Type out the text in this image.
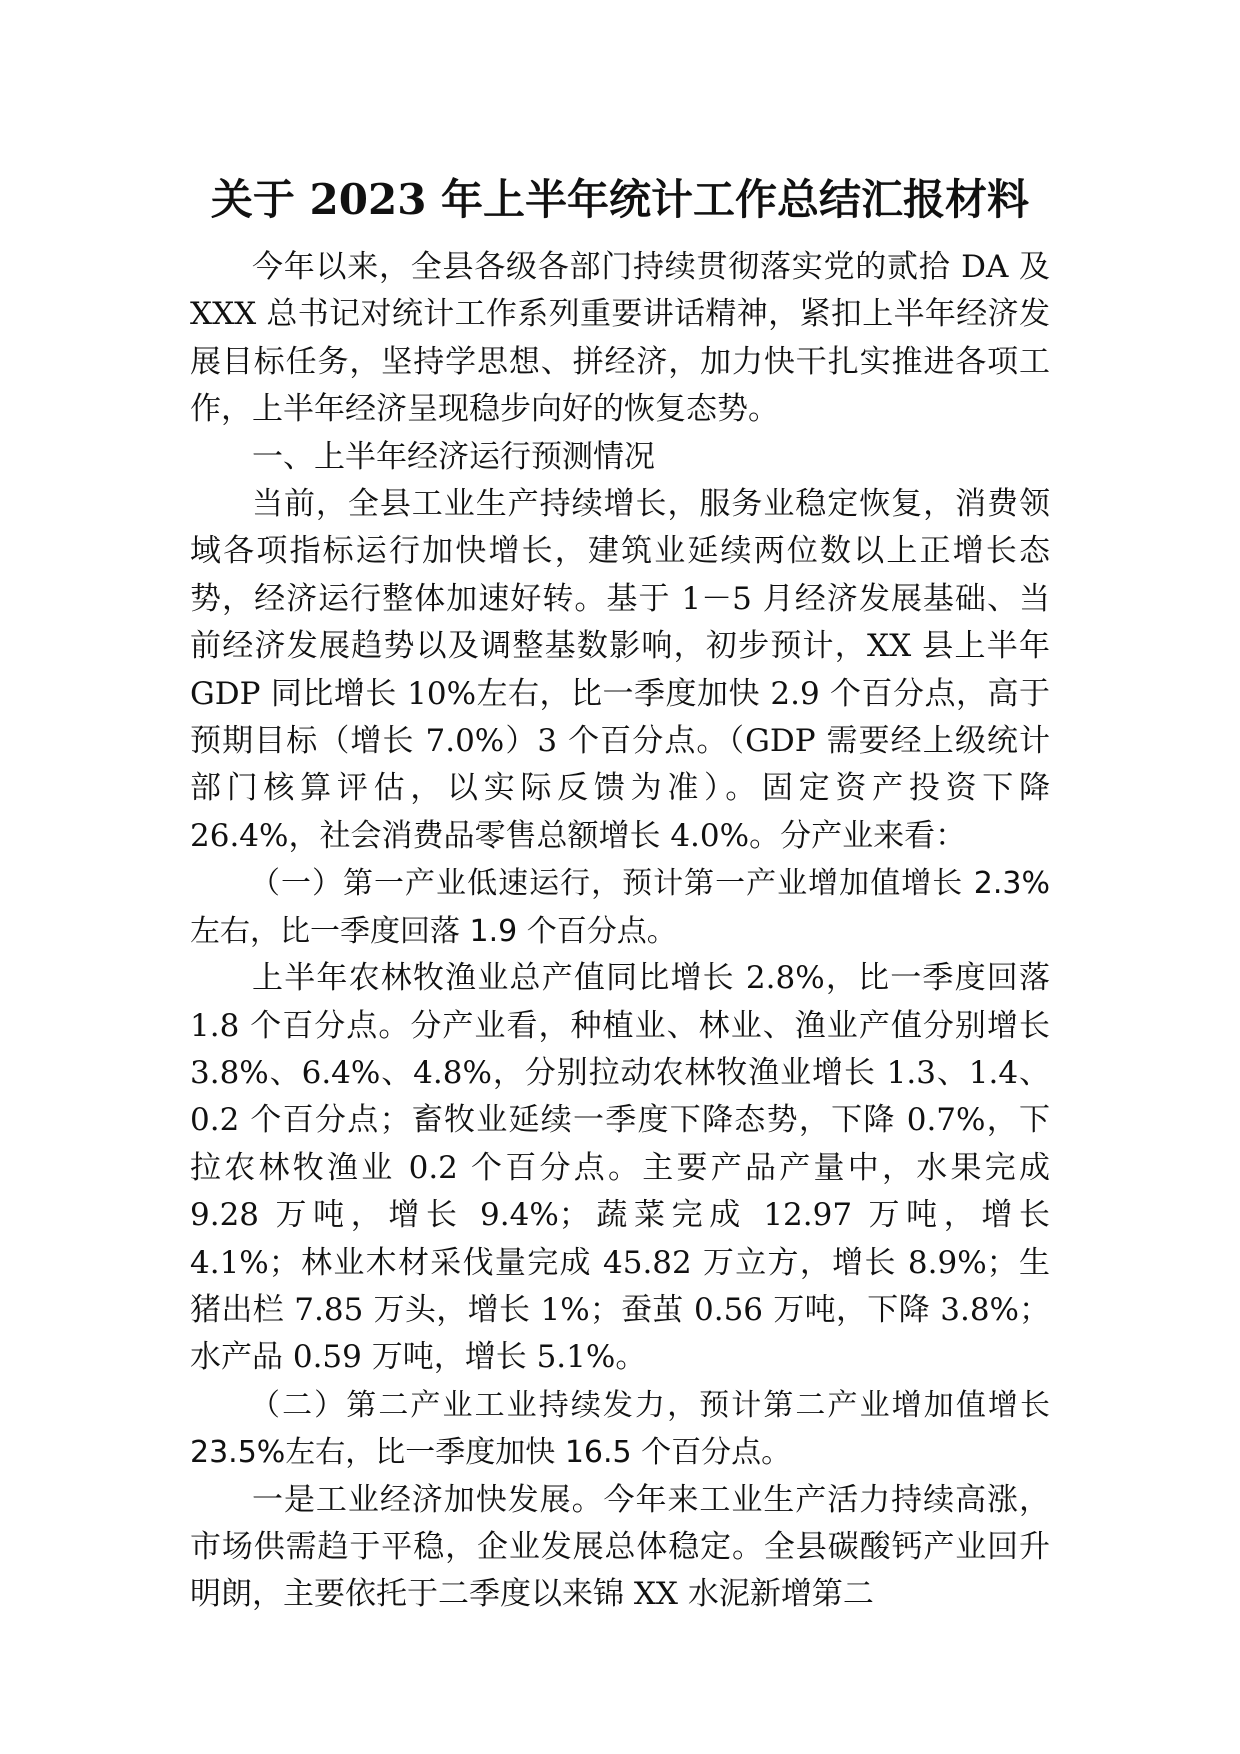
关于 2023 年上半年统计工作总结汇报材料

今年以来，全县各级各部门持续贯彻落实党的贰拾 DA 及 XXX 总书记对统计工作系列重要讲话精神，紧扣上半年经济发展目标任务，坚持学思想、拼经济，加力快干扎实推进各项工作，上半年经济呈现稳步向好的恢复态势。

一、上半年经济运行预测情况

当前，全县工业生产持续增长，服务业稳定恢复，消费领域各项指标运行加快增长，建筑业延续两位数以上正增长态势，经济运行整体加速好转。基于 1－5 月经济发展基础、当前经济发展趋势以及调整基数影响，初步预计，XX 县上半年 GDP 同比增长 10%左右，比一季度加快 2.9 个百分点，高于预期目标（增长 7.0%）3 个百分点。（GDP 需要经上级统计部门核算评估，以实际反馈为准）。固定资产投资下降 26.4%，社会消费品零售总额增长 4.0%。分产业来看：

（一）第一产业低速运行，预计第一产业增加值增长 2.3%左右，比一季度回落 1.9 个百分点。

上半年农林牧渔业总产值同比增长 2.8%，比一季度回落 1.8 个百分点。分产业看，种植业、林业、渔业产值分别增长 3.8%、6.4%、4.8%，分别拉动农林牧渔业增长 1.3、1.4、0.2 个百分点；畜牧业延续一季度下降态势，下降 0.7%，下拉农林牧渔业 0.2 个百分点。主要产品产量中，水果完成 9.28 万吨，增长 9.4%；蔬菜完成 12.97 万吨，增长 4.1%；林业木材采伐量完成 45.82 万立方，增长 8.9%；生猪出栏 7.85 万头，增长 1%；蚕茧 0.56 万吨，下降 3.8%；水产品 0.59 万吨，增长 5.1%。

（二）第二产业工业持续发力，预计第二产业增加值增长 23.5%左右，比一季度加快 16.5 个百分点。

一是工业经济加快发展。今年来工业生产活力持续高涨，市场供需趋于平稳，企业发展总体稳定。全县碳酸钙产业回升明朗，主要依托于二季度以来锦 XX 水泥新增第二
